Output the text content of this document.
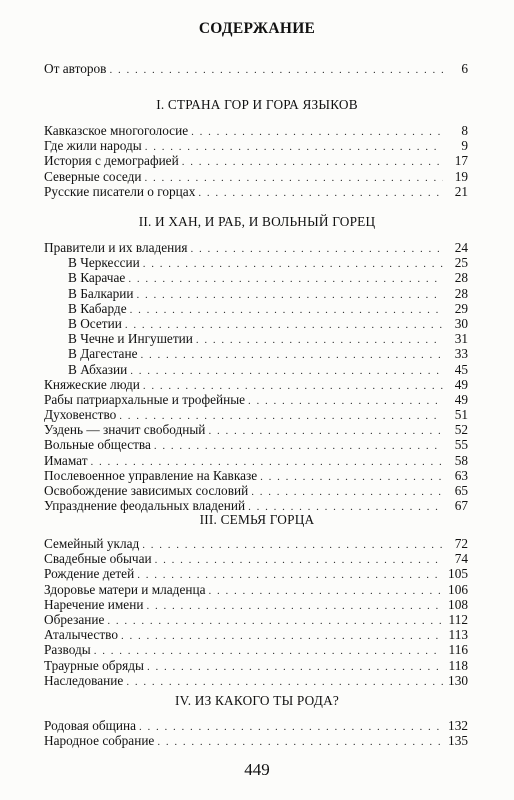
СОДЕРЖАНИЕ
От авторов . . .	6
I. СТРАНА ГОР И ГОРА ЯЗЫКОВ
Кавказское многоголосие . . .	8
Где жили народы . . .	9
История с демографией . . .	17
Северные соседи . . .	19
Русские писатели о горцах . . .	21
II. И ХАН, И РАБ, И ВОЛЬНЫЙ ГОРЕЦ
Правители и их владения . . .	24
В Черкессии . . .	25
В Карачае . . .	28
В Балкарии . . .	28
В Кабарде . . .	29
В Осетии . . .	30
В Чечне и Ингушетии . . .	31
В Дагестане . . .	33
В Абхазии . . .	45
Княжеские люди . . .	49
Рабы патриархальные и трофейные . . .	49
Духовенство . . .	51
Уздень — значит свободный . . .	52
Вольные общества . . .	55
Имамат . . .	58
Послевоенное управление на Кавказе . . .	63
Освобождение зависимых сословий . . .	65
Упразднение феодальных владений . . .	67
III. СЕМЬЯ ГОРЦА
Семейный уклад . . .	72
Свадебные обычаи . . .	74
Рождение детей . . .	105
Здоровье матери и младенца . . .	106
Наречение имени . . .	108
Обрезание . . .	112
Аталычество . . .	113
Разводы . . .	116
Траурные обряды . . .	118
Наследование . . .	130
IV. ИЗ КАКОГО ТЫ РОДА?
Родовая община . . .	132
Народное собрание . . .	135
449
